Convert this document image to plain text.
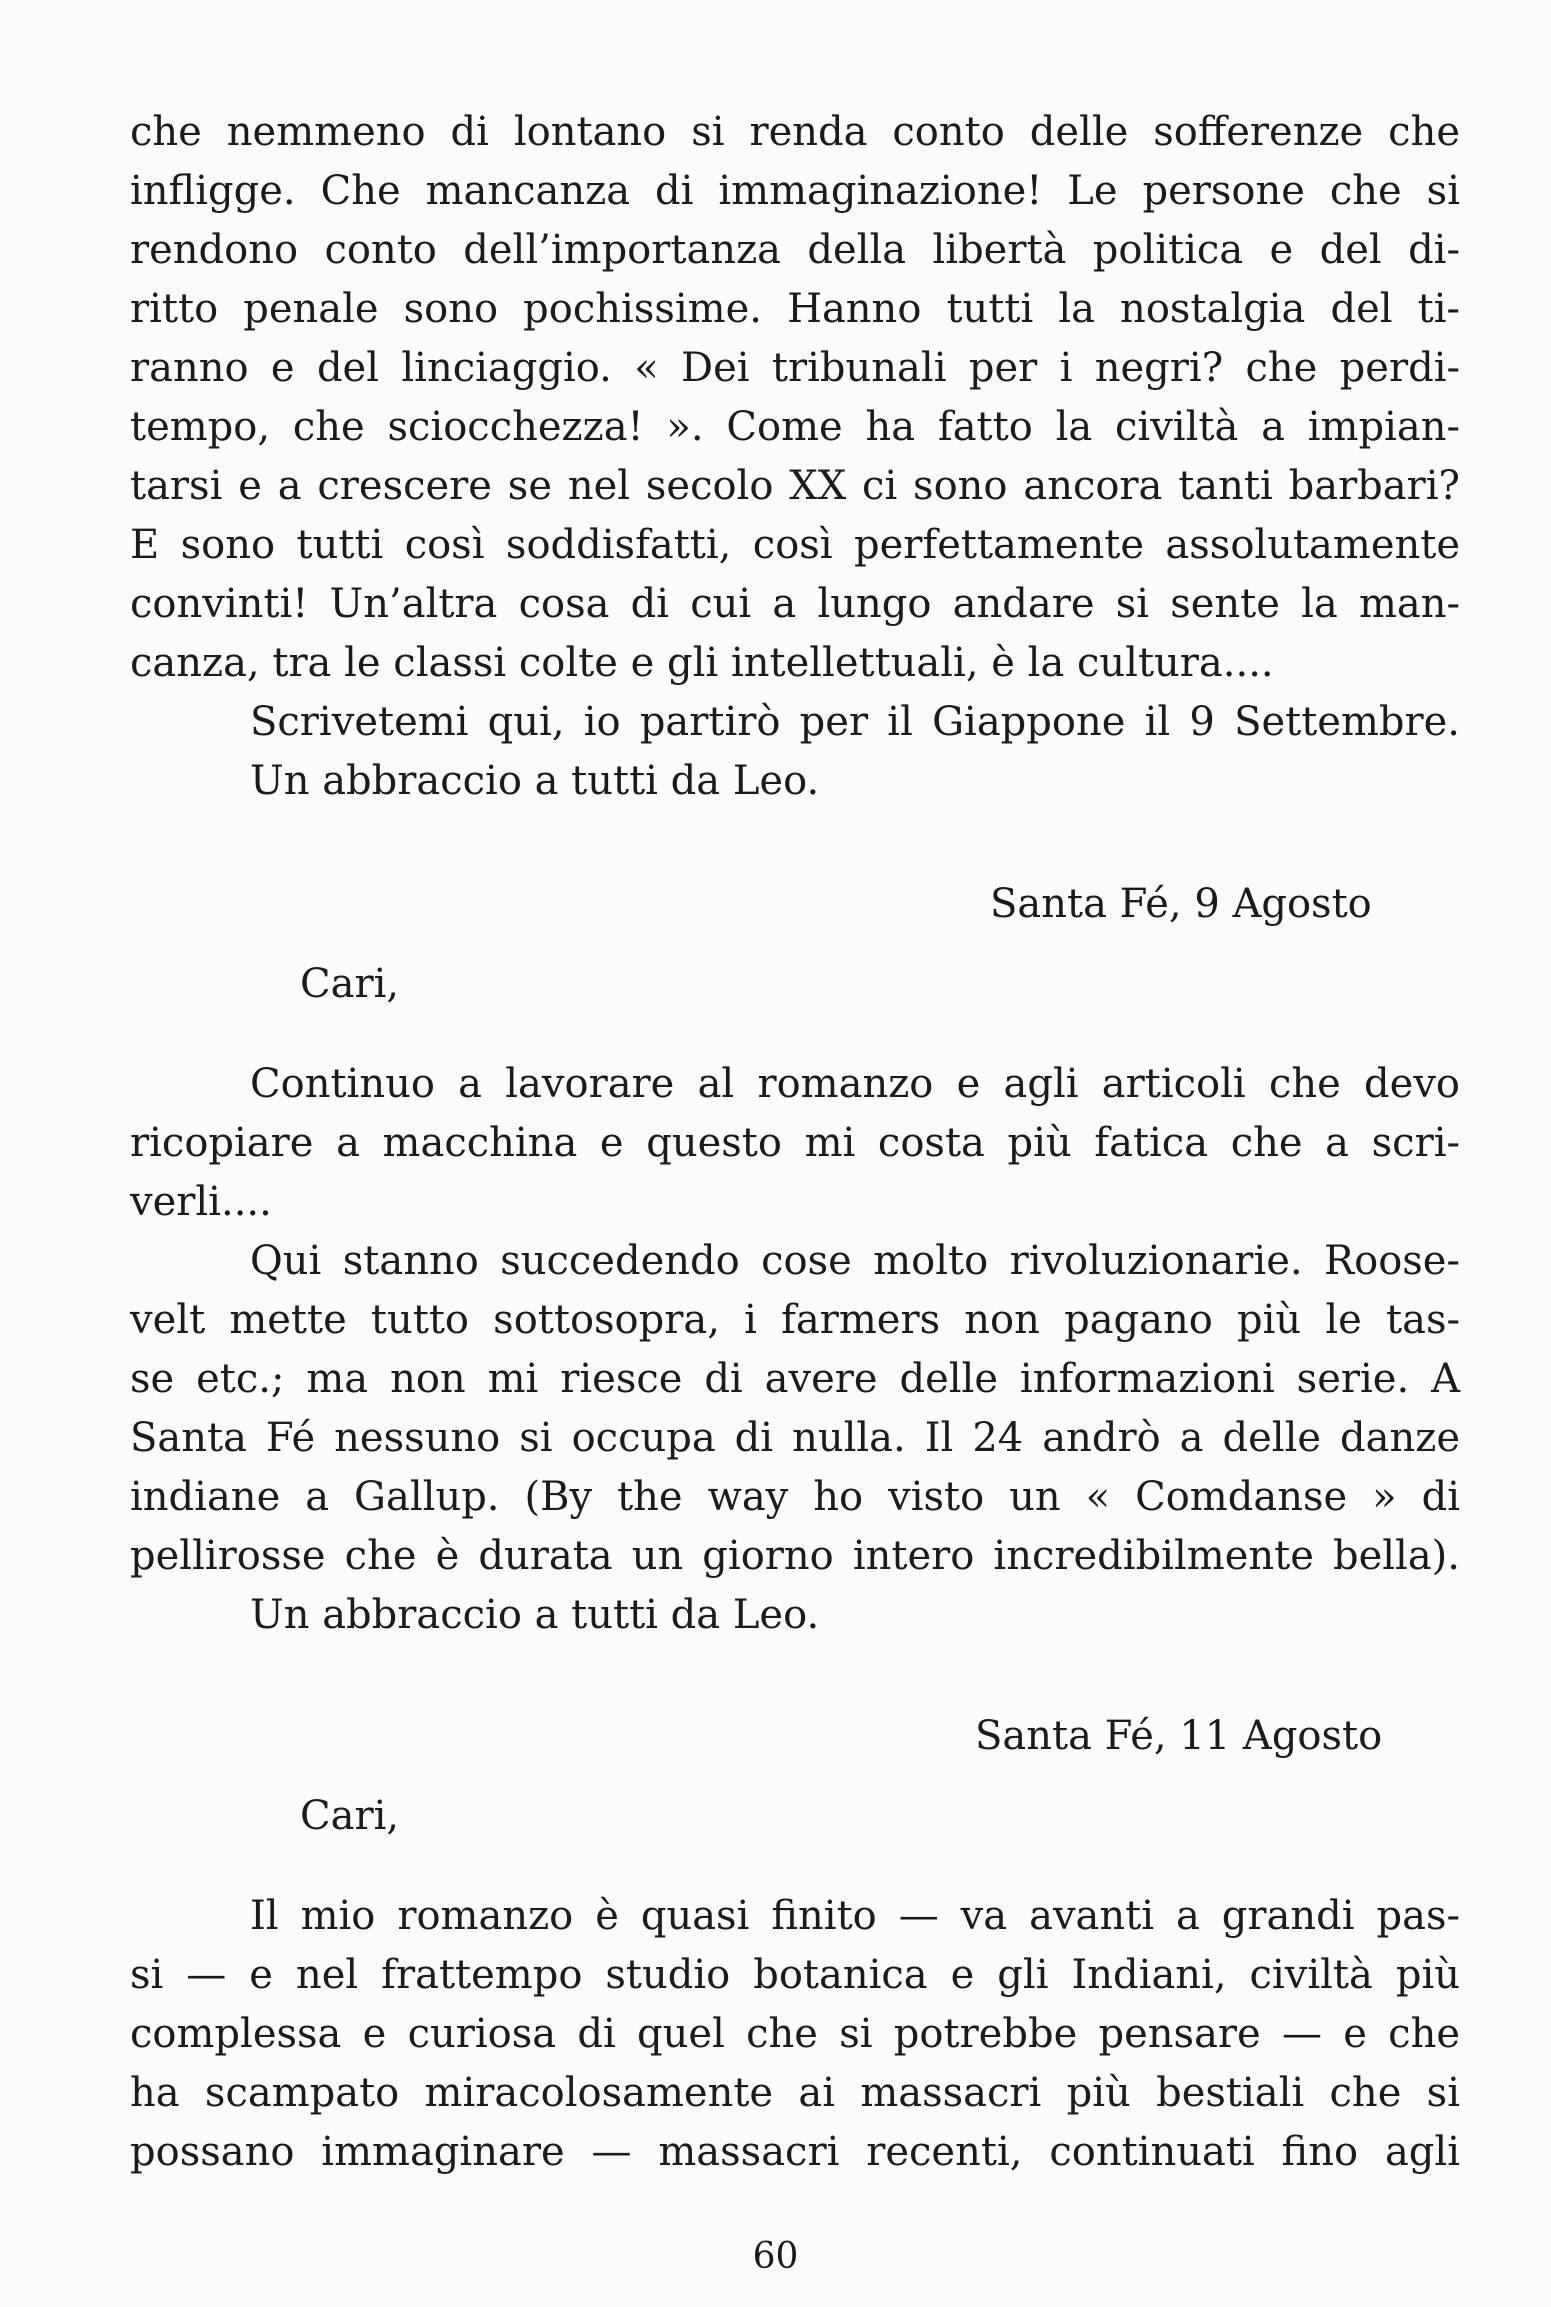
che nemmeno di lontano si renda conto delle sofferenze che

infligge. Che mancanza di immaginazione! Le persone che si

rendono conto dell’importanza della libertà politica e del di-

ritto penale sono pochissime. Hanno tutti la nostalgia del ti-

ranno e del linciaggio. « Dei tribunali per i negri? che perdi-

tempo, che sciocchezza! ». Come ha fatto la civiltà a impian-

tarsi e a crescere se nel secolo XX ci sono ancora tanti barbari?

E sono tutti così soddisfatti, così perfettamente assolutamente

convinti! Un’altra cosa di cui a lungo andare si sente la man-

canza, tra le classi colte e gli intellettuali, è la cultura....

Scrivetemi qui, io partirò per il Giappone il 9 Settembre.

Un abbraccio a tutti da Leo.

Santa Fé, 9 Agosto

Cari,

Continuo a lavorare al romanzo e agli articoli che devo

ricopiare a macchina e questo mi costa più fatica che a scri-

verli....

Qui stanno succedendo cose molto rivoluzionarie. Roose-

velt mette tutto sottosopra, i farmers non pagano più le tas-

se etc.; ma non mi riesce di avere delle informazioni serie. A

Santa Fé nessuno si occupa di nulla. Il 24 andrò a delle danze

indiane a Gallup. (By the way ho visto un « Comdanse » di

pellirosse che è durata un giorno intero incredibilmente bella).

Un abbraccio a tutti da Leo.

Santa Fé, 11 Agosto

Cari,

Il mio romanzo è quasi finito — va avanti a grandi pas-

si — e nel frattempo studio botanica e gli Indiani, civiltà più

complessa e curiosa di quel che si potrebbe pensare — e che

ha scampato miracolosamente ai massacri più bestiali che si

possano immaginare — massacri recenti, continuati fino agli

60
